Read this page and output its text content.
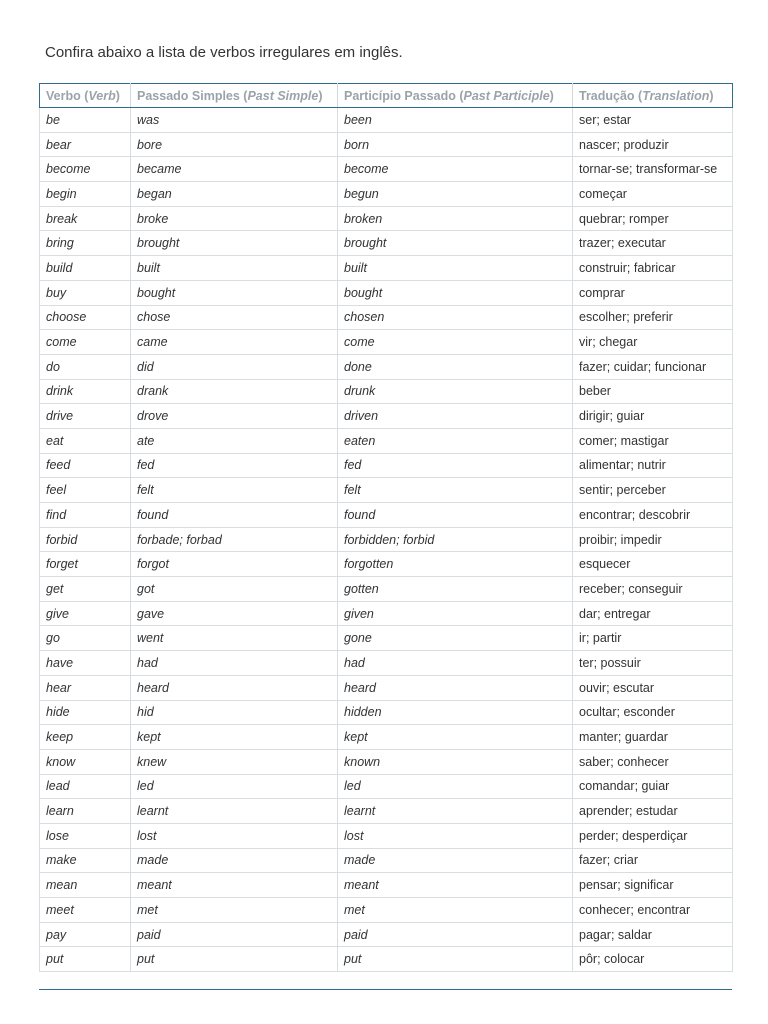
Confira abaixo a lista de verbos irregulares em inglês.

Verbo (Verb)	Passado Simples (Past Simple)	Particípio Passado (Past Participle)	Tradução (Translation)
be	was	been	ser; estar
bear	bore	born	nascer; produzir
become	became	become	tornar-se; transformar-se
begin	began	begun	começar
break	broke	broken	quebrar; romper
bring	brought	brought	trazer; executar
build	built	built	construir; fabricar
buy	bought	bought	comprar
choose	chose	chosen	escolher; preferir
come	came	come	vir; chegar
do	did	done	fazer; cuidar; funcionar
drink	drank	drunk	beber
drive	drove	driven	dirigir; guiar
eat	ate	eaten	comer; mastigar
feed	fed	fed	alimentar; nutrir
feel	felt	felt	sentir; perceber
find	found	found	encontrar; descobrir
forbid	forbade; forbad	forbidden; forbid	proibir; impedir
forget	forgot	forgotten	esquecer
get	got	gotten	receber; conseguir
give	gave	given	dar; entregar
go	went	gone	ir; partir
have	had	had	ter; possuir
hear	heard	heard	ouvir; escutar
hide	hid	hidden	ocultar; esconder
keep	kept	kept	manter; guardar
know	knew	known	saber; conhecer
lead	led	led	comandar; guiar
learn	learnt	learnt	aprender; estudar
lose	lost	lost	perder; desperdiçar
make	made	made	fazer; criar
mean	meant	meant	pensar; significar
meet	met	met	conhecer; encontrar
pay	paid	paid	pagar; saldar
put	put	put	pôr; colocar
